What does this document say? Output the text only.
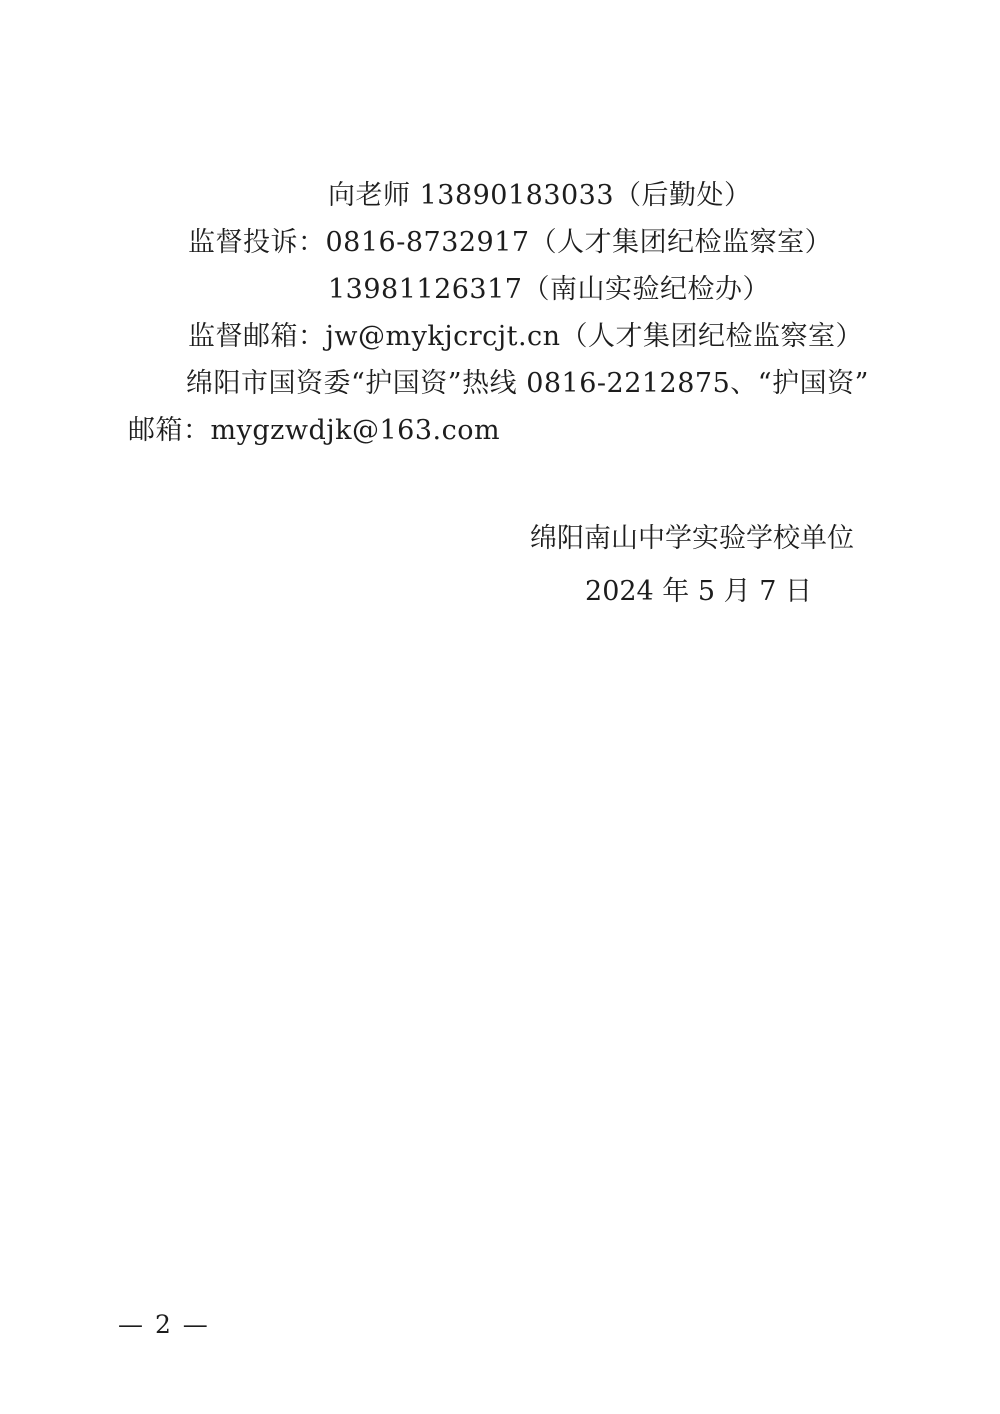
向老师 13890183033（后勤处）
监督投诉：0816-8732917（人才集团纪检监察室）
13981126317（南山实验纪检办）
监督邮箱：jw@mykjcrcjt.cn（人才集团纪检监察室）
绵阳市国资委“护国资”热线 0816-2212875、“护国资”
邮箱：mygzwdjk@163.com
绵阳南山中学实验学校单位
2024 年 5 月 7 日
— 2 —
